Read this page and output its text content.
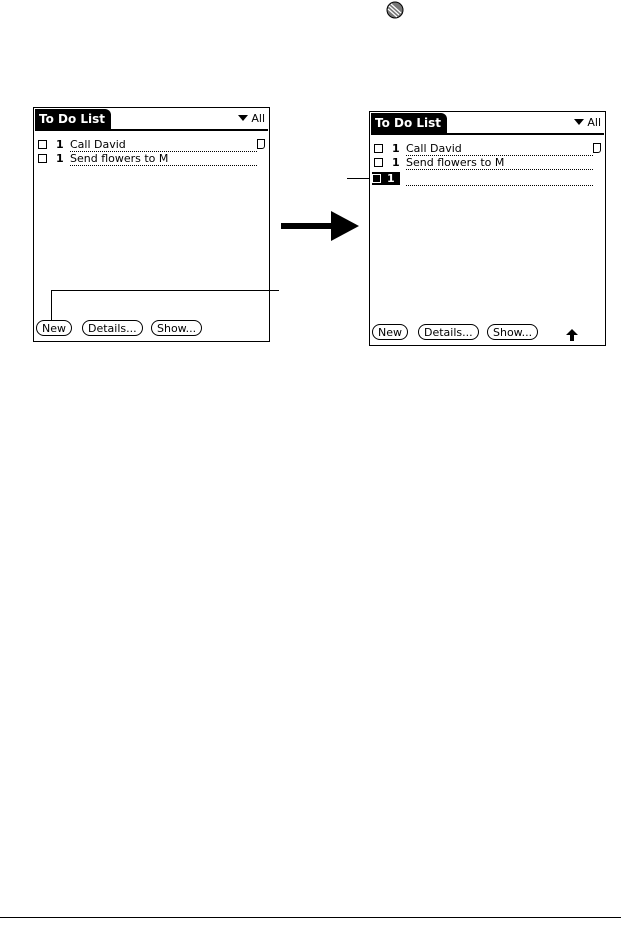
To Do List	All
1 Call David
1 Send flowers to M
New	Details...	Show...
To Do List	All
1 Call David
1 Send flowers to M
1
New	Details...	Show...
